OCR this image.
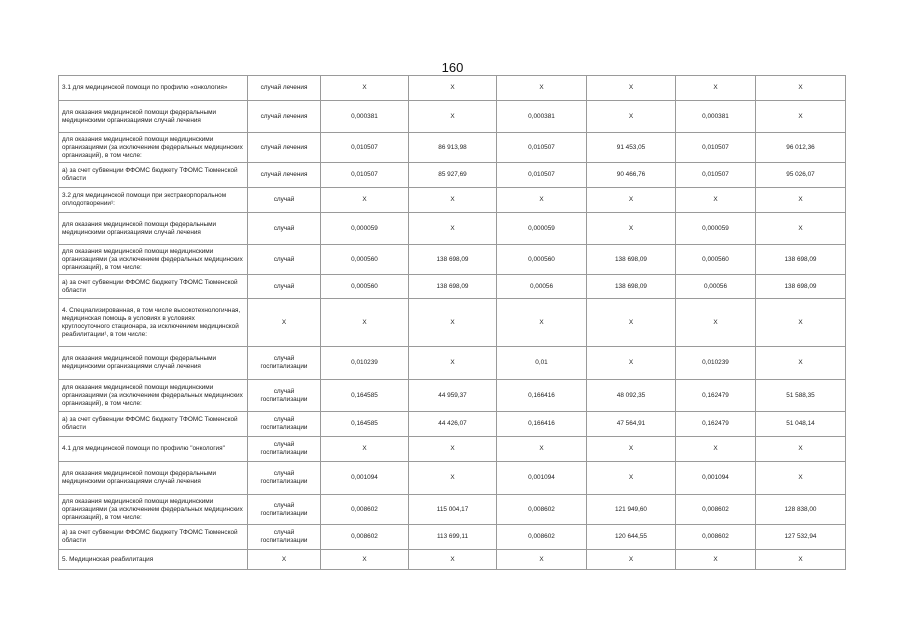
160
3.1 для медицинской помощи по профилю «онкология»	случай лечения	Х	Х	Х	Х	Х	Х
для оказания медицинской помощи федеральными медицинскими организациями случай лечения	случай лечения	0,000381	Х	0,000381	Х	0,000381	Х
для оказания медицинской помощи медицинскими организациями (за исключением федеральных медицинских организаций), в том числе:	случай лечения	0,010507	86 913,98	0,010507	91 453,05	0,010507	96 012,36
а) за счет субвенции ФФОМС бюджету ТФОМС Тюменской области	случай лечения	0,010507	85 927,69	0,010507	90 466,76	0,010507	95 026,07
3.2 для медицинской помощи при экстракорпоральном оплодотворении¹:	случай	Х	Х	Х	Х	Х	Х
для оказания медицинской помощи федеральными медицинскими организациями случай лечения	случай	0,000059	Х	0,000059	Х	0,000059	Х
для оказания медицинской помощи медицинскими организациями (за исключением федеральных медицинских организаций), в том числе:	случай	0,000560	138 698,09	0,000560	138 698,09	0,000560	138 698,09
а) за счет субвенции ФФОМС бюджету ТФОМС Тюменской области	случай	0,000560	138 698,09	0,00056	138 698,09	0,00056	138 698,09
4. Специализированная, в том числе высокотехнологичная, медицинская помощь в условиях в условиях круглосуточного стационара, за исключением медицинской реабилитации¹, в том числе:	Х	Х	Х	Х	Х	Х	Х
для оказания медицинской помощи федеральными медицинскими организациями случай лечения	случай госпитализации	0,010239	Х	0,01	Х	0,010239	Х
для оказания медицинской помощи медицинскими организациями (за исключением федеральных медицинских организаций), в том числе:	случай госпитализации	0,164585	44 959,37	0,166416	48 092,35	0,162479	51 588,35
а) за счет субвенции ФФОМС бюджету ТФОМС Тюменской области	случай госпитализации	0,164585	44 426,07	0,166416	47 564,91	0,162479	51 048,14
4.1 для медицинской помощи по профилю "онкология"	случай госпитализации	Х	Х	Х	Х	Х	Х
для оказания медицинской помощи федеральными медицинскими организациями случай лечения	случай госпитализации	0,001094	Х	0,001094	Х	0,001094	Х
для оказания медицинской помощи медицинскими организациями (за исключением федеральных медицинских организаций), в том числе:	случай госпитализации	0,008602	115 004,17	0,008602	121 949,60	0,008602	128 838,00
а) за счет субвенции ФФОМС бюджету ТФОМС Тюменской области	случай госпитализации	0,008602	113 699,11	0,008602	120 644,55	0,008602	127 532,94
5. Медицинская реабилитация	Х	Х	Х	Х	Х	Х	Х
